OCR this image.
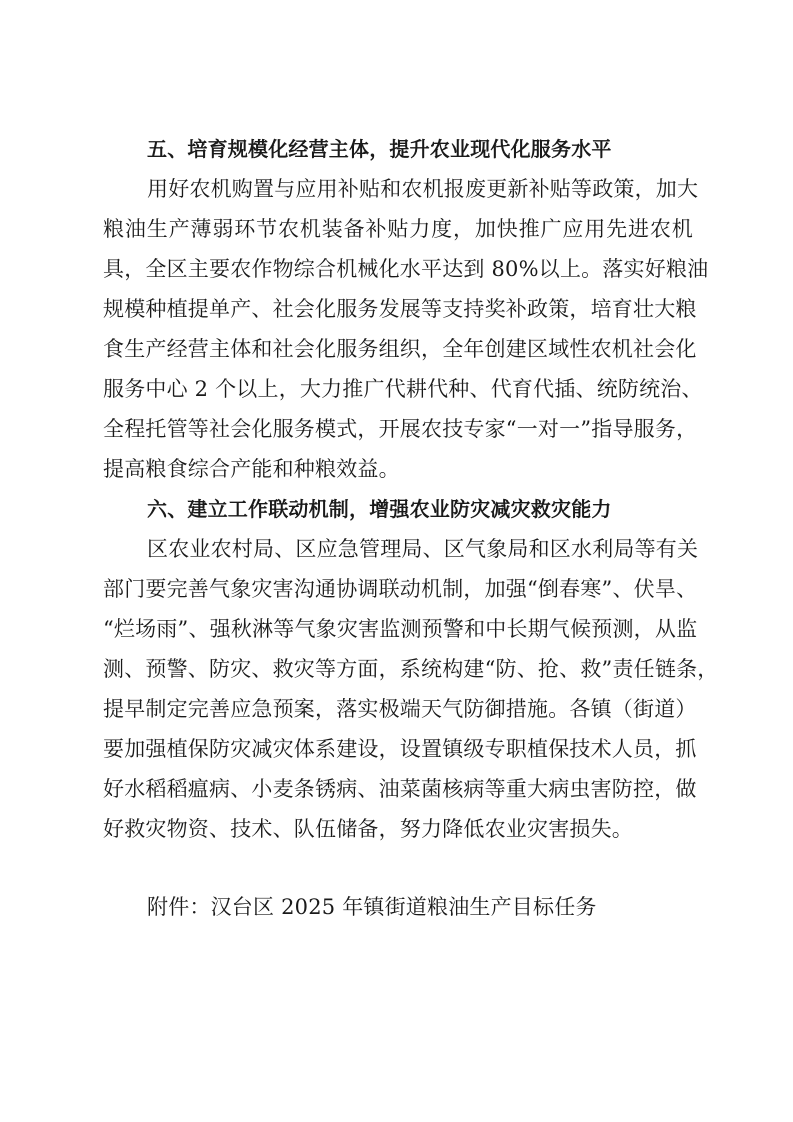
五、培育规模化经营主体，提升农业现代化服务水平
用好农机购置与应用补贴和农机报废更新补贴等政策，加大
粮油生产薄弱环节农机装备补贴力度，加快推广应用先进农机
具，全区主要农作物综合机械化水平达到 80%以上。落实好粮油
规模种植提单产、社会化服务发展等支持奖补政策，培育壮大粮
食生产经营主体和社会化服务组织，全年创建区域性农机社会化
服务中心 2 个以上，大力推广代耕代种、代育代插、统防统治、
全程托管等社会化服务模式，开展农技专家“一对一”指导服务，
提高粮食综合产能和种粮效益。
六、建立工作联动机制，增强农业防灾减灾救灾能力
区农业农村局、区应急管理局、区气象局和区水利局等有关
部门要完善气象灾害沟通协调联动机制，加强“倒春寒”、伏旱、
“烂场雨”、强秋淋等气象灾害监测预警和中长期气候预测，从监
测、预警、防灾、救灾等方面，系统构建“防、抢、救”责任链条，
提早制定完善应急预案，落实极端天气防御措施。各镇（街道）
要加强植保防灾减灾体系建设，设置镇级专职植保技术人员，抓
好水稻稻瘟病、小麦条锈病、油菜菌核病等重大病虫害防控，做
好救灾物资、技术、队伍储备，努力降低农业灾害损失。
附件：汉台区 2025 年镇街道粮油生产目标任务
